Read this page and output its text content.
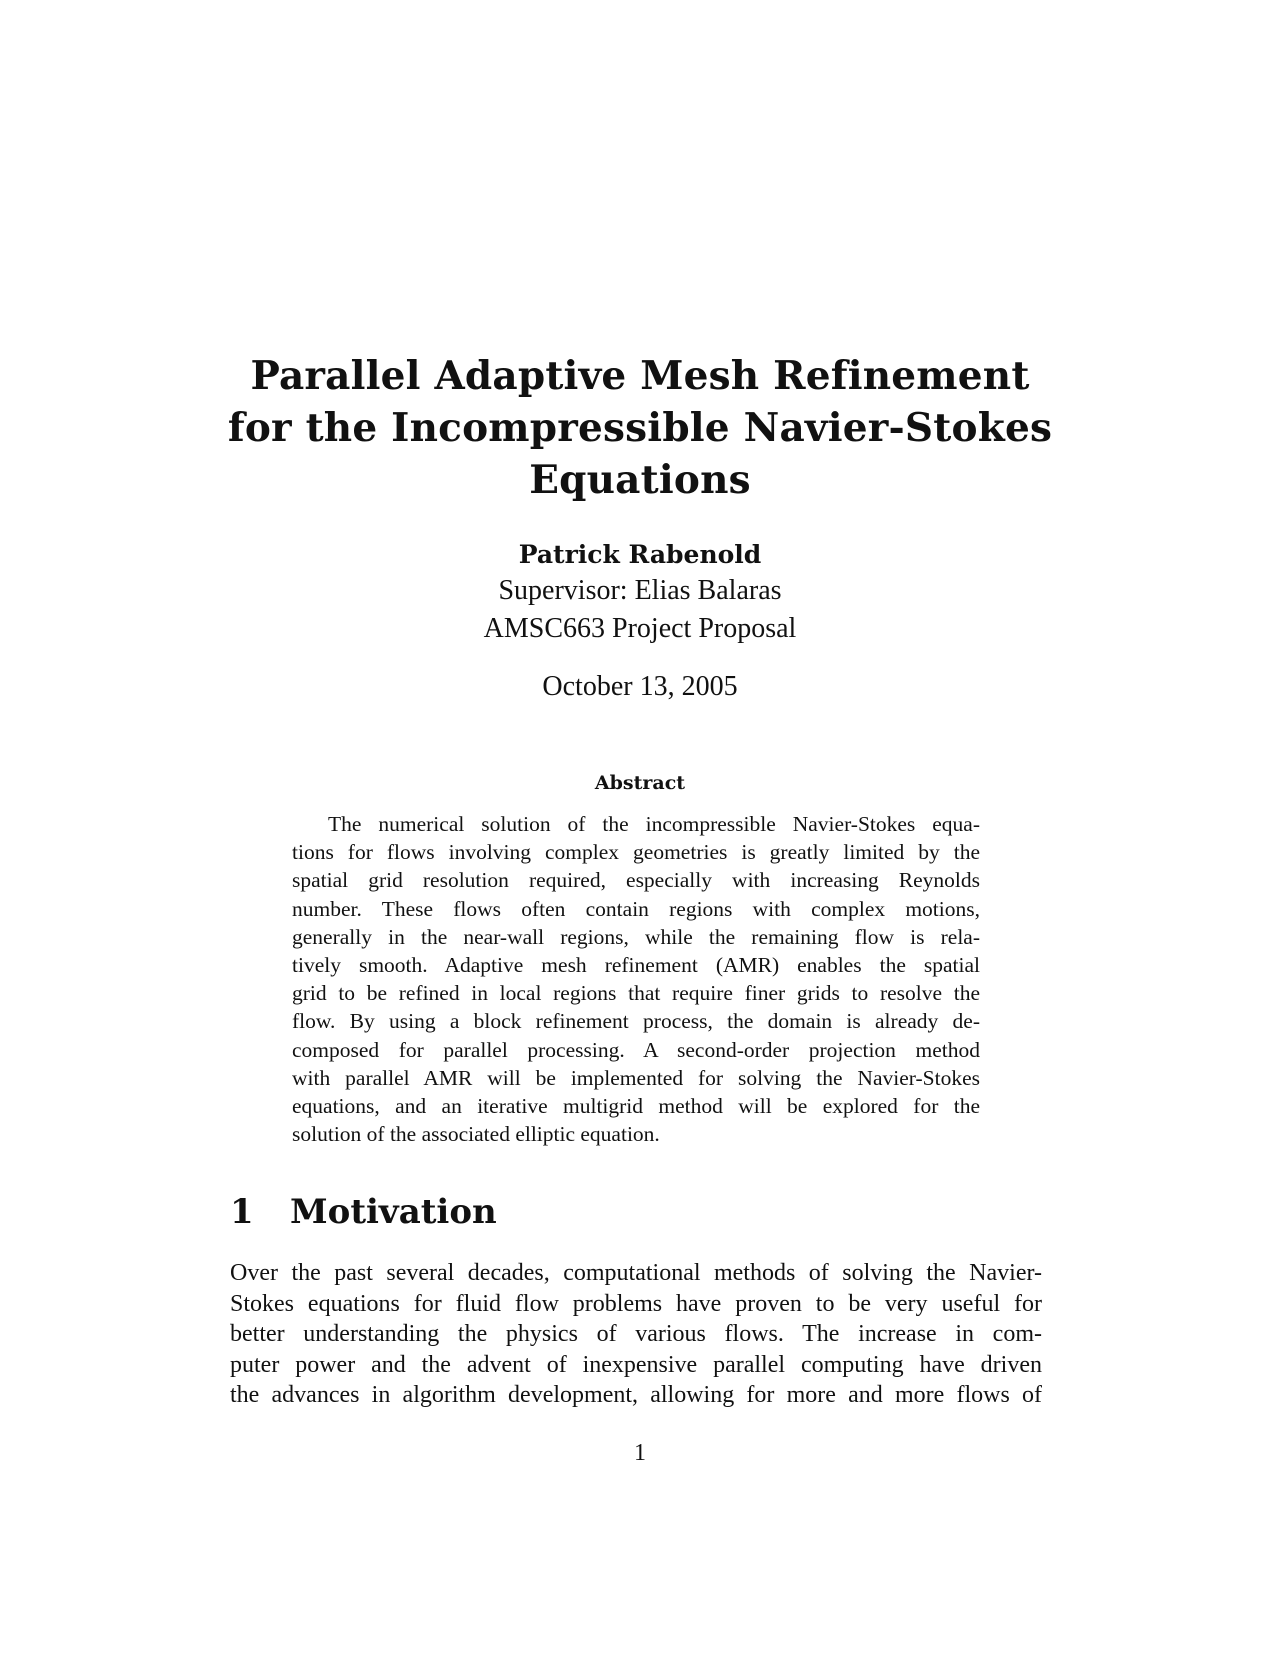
Parallel Adaptive Mesh Refinement
for the Incompressible Navier-Stokes
Equations
Patrick Rabenold
Supervisor: Elias Balaras
AMSC663 Project Proposal
October 13, 2005
Abstract
The numerical solution of the incompressible Navier-Stokes equa-
tions for flows involving complex geometries is greatly limited by the
spatial grid resolution required, especially with increasing Reynolds
number. These flows often contain regions with complex motions,
generally in the near-wall regions, while the remaining flow is rela-
tively smooth. Adaptive mesh refinement (AMR) enables the spatial
grid to be refined in local regions that require finer grids to resolve the
flow. By using a block refinement process, the domain is already de-
composed for parallel processing. A second-order projection method
with parallel AMR will be implemented for solving the Navier-Stokes
equations, and an iterative multigrid method will be explored for the
solution of the associated elliptic equation.
1 Motivation
Over the past several decades, computational methods of solving the Navier-
Stokes equations for fluid flow problems have proven to be very useful for
better understanding the physics of various flows. The increase in com-
puter power and the advent of inexpensive parallel computing have driven
the advances in algorithm development, allowing for more and more flows of
1
